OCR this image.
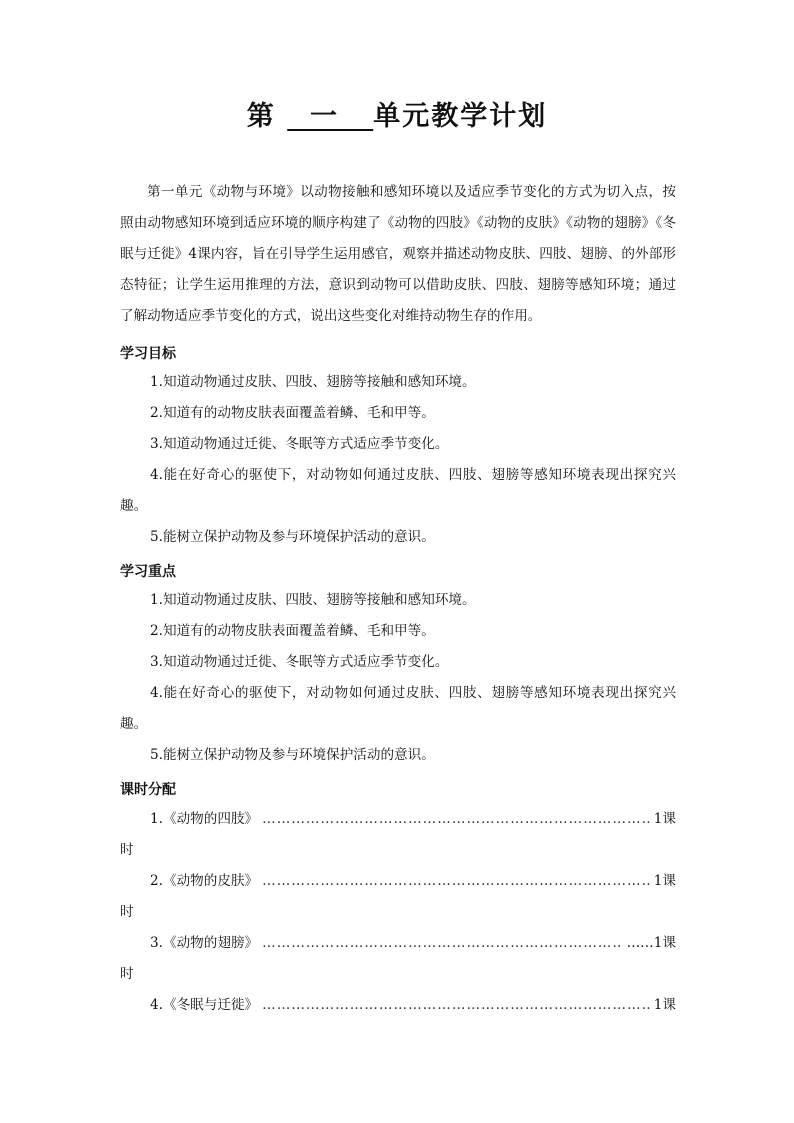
第   一   单元教学计划
第一单元《动物与环境》以动物接触和感知环境以及适应季节变化的方式为切入点，按照由动物感知环境到适应环境的顺序构建了《动物的四肢》《动物的皮肤》《动物的翅膀》《冬眠与迁徙》4课内容，旨在引导学生运用感官，观察并描述动物皮肤、四肢、翅膀、的外部形态特征；让学生运用推理的方法，意识到动物可以借助皮肤、四肢、翅膀等感知环境；通过了解动物适应季节变化的方式，说出这些变化对维持动物生存的作用。
学习目标
1.知道动物通过皮肤、四肢、翅膀等接触和感知环境。
2.知道有的动物皮肤表面覆盖着鳞、毛和甲等。
3.知道动物通过迁徙、冬眠等方式适应季节变化。
4.能在好奇心的驱使下，对动物如何通过皮肤、四肢、翅膀等感知环境表现出探究兴趣。
5.能树立保护动物及参与环境保护活动的意识。
学习重点
1.知道动物通过皮肤、四肢、翅膀等接触和感知环境。
2.知道有的动物皮肤表面覆盖着鳞、毛和甲等。
3.知道动物通过迁徙、冬眠等方式适应季节变化。
4.能在好奇心的驱使下，对动物如何通过皮肤、四肢、翅膀等感知环境表现出探究兴趣。
5.能树立保护动物及参与环境保护活动的意识。
课时分配
1.《动物的四肢》 ……………………………………………………………………………………………………	1课
时
2.《动物的皮肤》 ……………………………………………………………………………………………………	1课
时
3.《动物的翅膀》 ……………………………………………………………………………………………………	……1课
时
4.《冬眠与迁徙》 ……………………………………………………………………………………………………	1课
